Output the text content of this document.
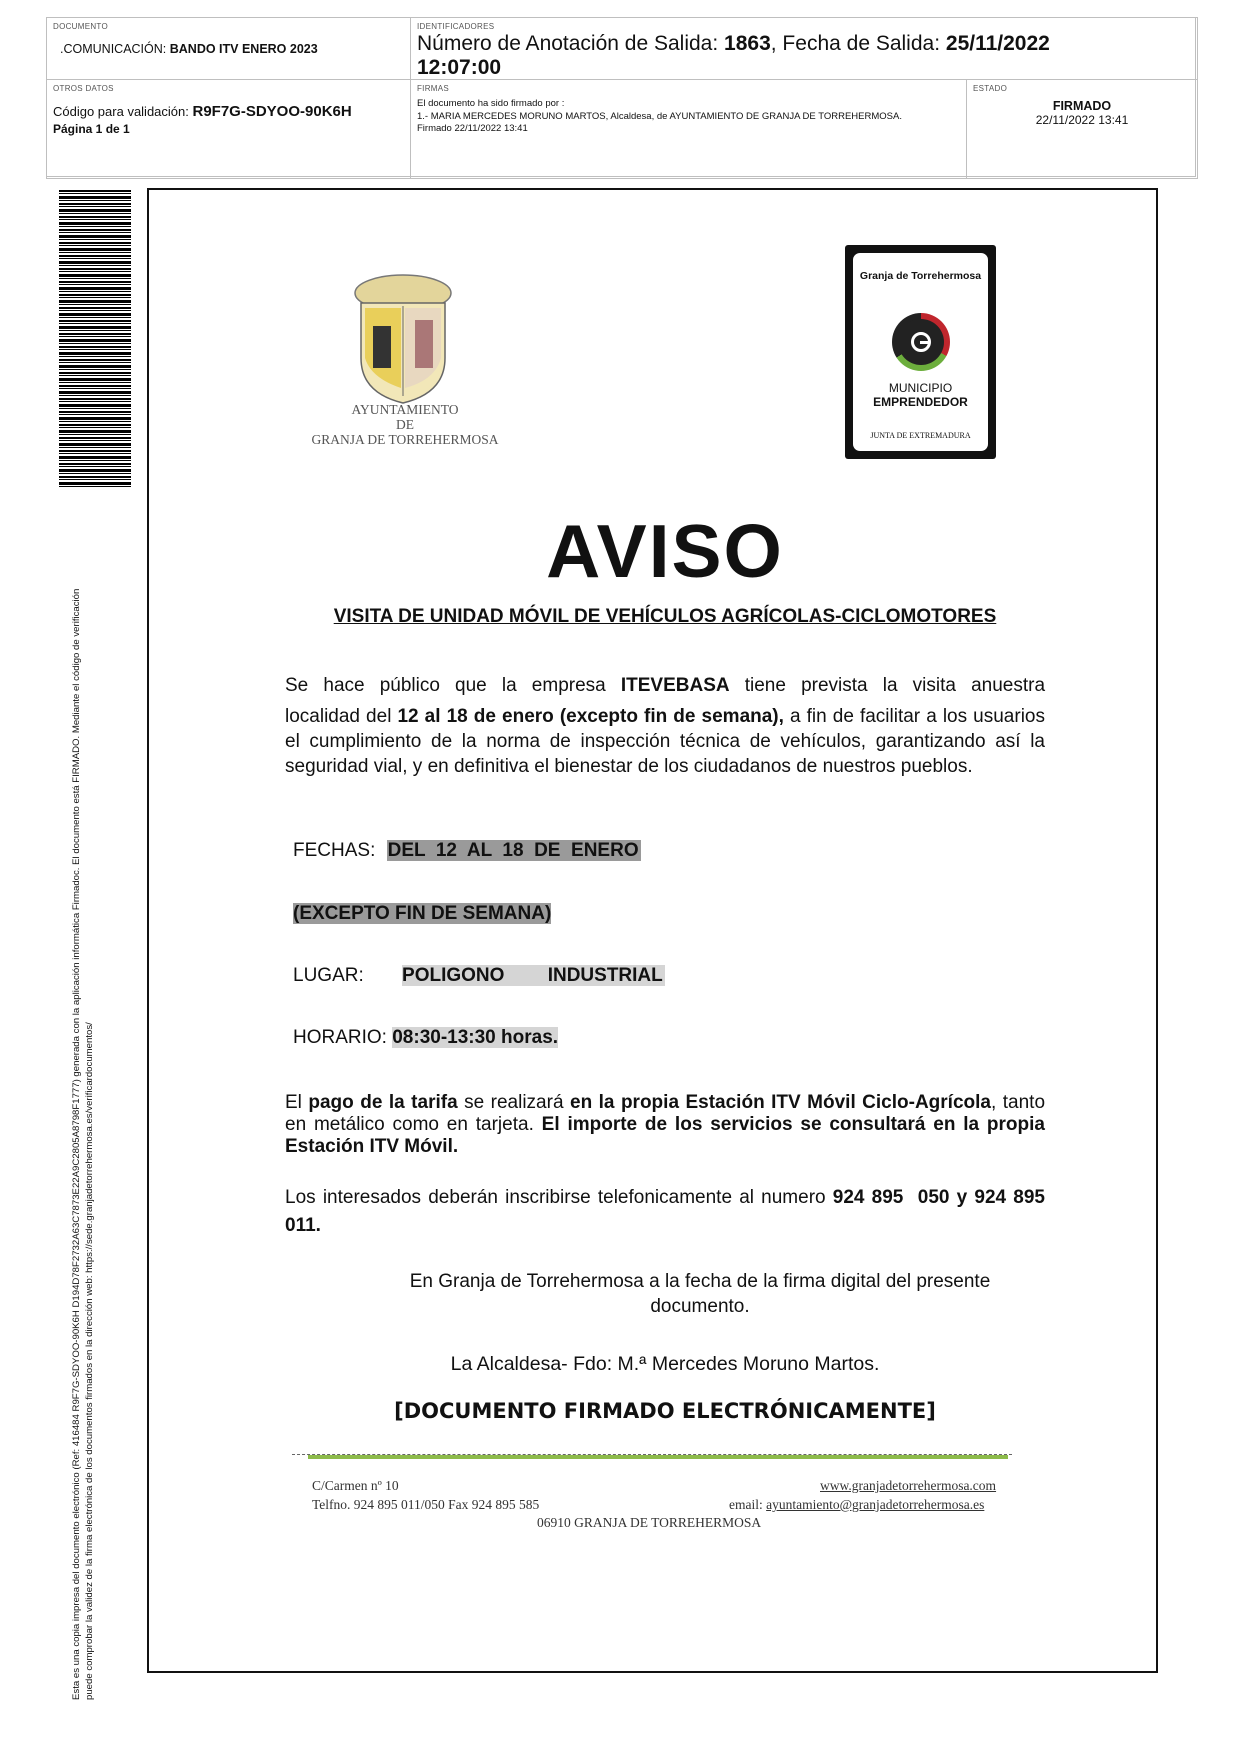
DOCUMENTO
.COMUNICACIÓN: BANDO ITV ENERO 2023
IDENTIFICADORES
Número de Anotación de Salida: 1863, Fecha de Salida: 25/11/2022
12:07:00
OTROS DATOS
Código para validación: R9F7G-SDYOO-90K6H
Página 1 de 1
FIRMAS
El documento ha sido firmado por :
1.- MARIA MERCEDES MORUNO MARTOS, Alcaldesa, de AYUNTAMIENTO DE GRANJA DE TORREHERMOSA.
Firmado 22/11/2022 13:41
ESTADO
FIRMADO
22/11/2022 13:41
Esta es una copia impresa del documento electrónico (Ref: 416484 R9F7G-SDYOO-90K6H D194D78F2732A63C7873E22A9C2805A8798F1777) generada con la aplicación informática Firmadoc. El documento está FIRMADO. Mediante el código de verificación puede comprobar la validez de la firma electrónica de los documentos firmados en la dirección web: https://sede.granjadetorrehermosa.es/verificardocumentos/
AYUNTAMIENTO
DE
GRANJA DE TORREHERMOSA
Granja de Torrehermosa
MUNICIPIO
EMPRENDEDOR
JUNTA DE EXTREMADURA
AVISO
VISITA DE UNIDAD MÓVIL DE VEHÍCULOS AGRÍCOLAS-CICLOMOTORES
Se hace público que la empresa ITEVEBASA tiene prevista la visita anuestra
localidad del 12 al 18 de enero (excepto fin de semana), a fin de facilitar a los usuarios el cumplimiento de la norma de inspección técnica de vehículos, garantizando así la seguridad vial, y en definitiva el bienestar de los ciudadanos de nuestros pueblos.
FECHAS: DEL  12  AL  18  DE  ENERO
(EXCEPTO FIN DE SEMANA)
LUGAR: POLIGONO INDUSTRIAL
HORARIO: 08:30-13:30 horas.
El pago de la tarifa se realizará en la propia Estación ITV Móvil Ciclo-Agrícola, tanto en metálico como en tarjeta. El importe de los servicios se consultará en la propia Estación ITV Móvil.
Los interesados deberán inscribirse telefonicamente al numero 924 895  050 y 924 895 011.
En Granja de Torrehermosa a la fecha de la firma digital del presente documento.
La Alcaldesa- Fdo: M.ª Mercedes Moruno Martos.
[DOCUMENTO FIRMADO ELECTRÓNICAMENTE]
C/Carmen nº 10
Telfno. 924 895 011/050 Fax 924 895 585
www.granjadetorrehermosa.com
email: ayuntamiento@granjadetorrehermosa.es
06910 GRANJA DE TORREHERMOSA
